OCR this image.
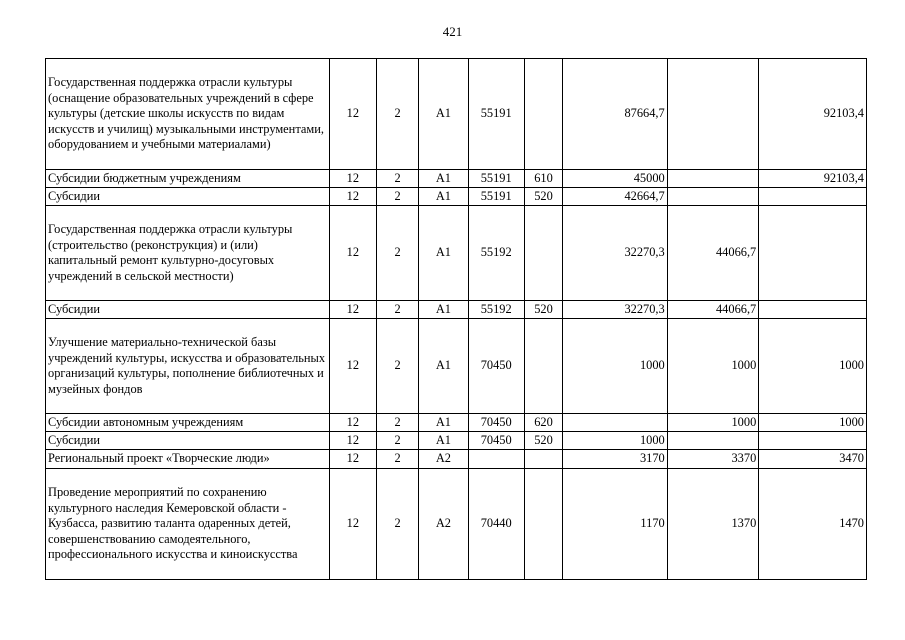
421
Государственная поддержка отрасли культуры (оснащение образовательных учреждений в сфере культуры (детские школы искусств по видам искусств и училищ) музыкальными инструментами, оборудованием и учебными материалами)	12	2	A1	55191		87664,7		92103,4
Субсидии бюджетным учреждениям	12	2	A1	55191	610	45000		92103,4
Субсидии	12	2	A1	55191	520	42664,7		
Государственная поддержка отрасли культуры (строительство (реконструкция) и (или) капитальный ремонт культурно-досуговых учреждений в сельской местности)	12	2	A1	55192		32270,3	44066,7	
Субсидии	12	2	A1	55192	520	32270,3	44066,7	
Улучшение материально-технической базы учреждений культуры, искусства и образовательных организаций культуры, пополнение библиотечных и музейных фондов	12	2	A1	70450		1000	1000	1000
Субсидии автономным учреждениям	12	2	A1	70450	620		1000	1000
Субсидии	12	2	A1	70450	520	1000		
Региональный проект «Творческие люди»	12	2	A2			3170	3370	3470
Проведение мероприятий по сохранению культурного наследия Кемеровской области - Кузбасса, развитию таланта одаренных детей, совершенствованию самодеятельного, профессионального искусства и киноискусства	12	2	A2	70440		1170	1370	1470
